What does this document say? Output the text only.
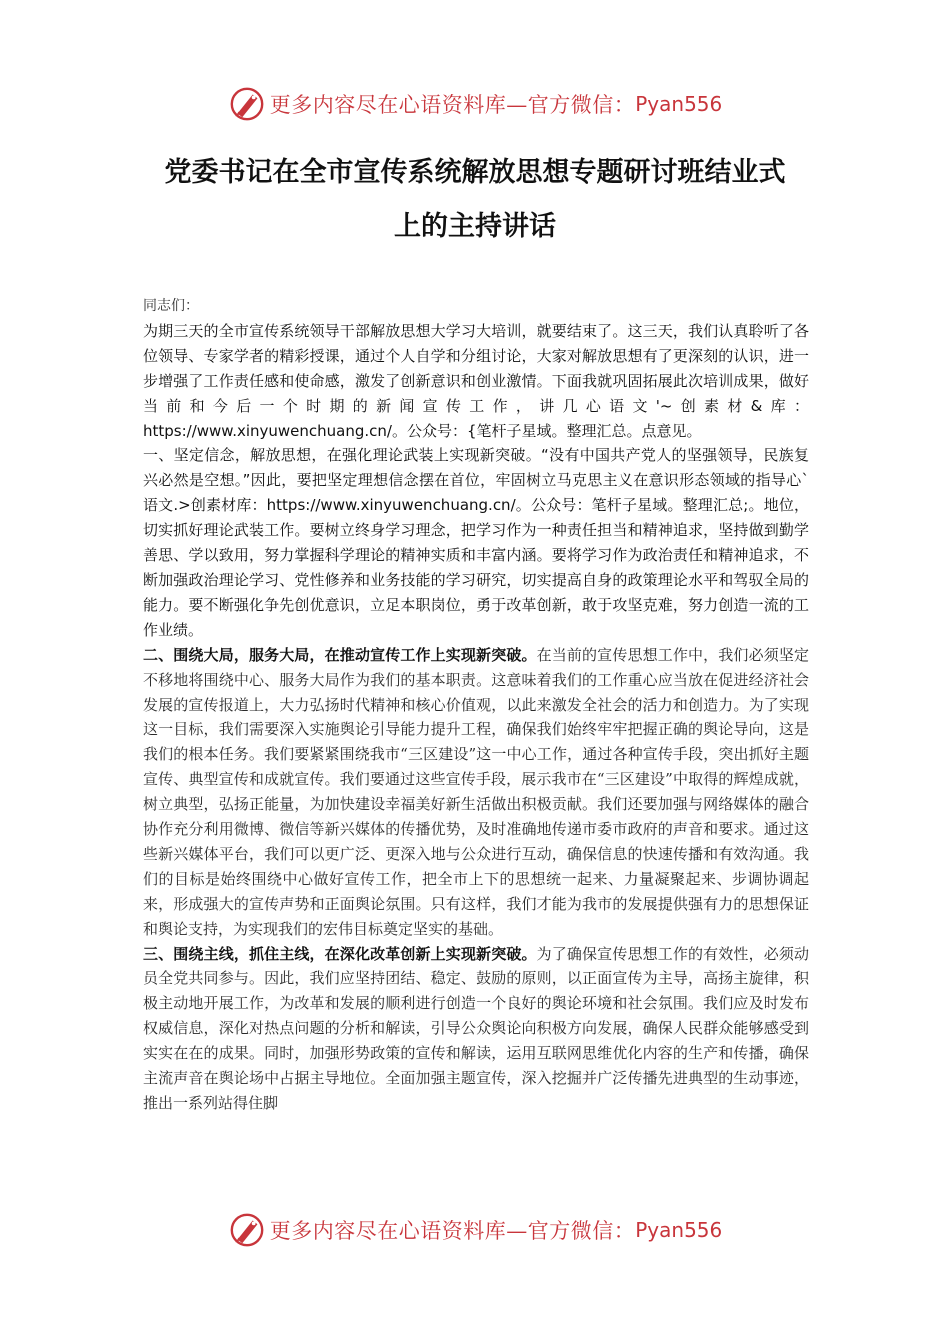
更多内容尽在心语资料库—官方微信： Pyan556
党委书记在全市宣传系统解放思想专题研讨班结业式
上的主持讲话

同志们：

为期三天的全市宣传系统领导干部解放思想大学习大培训，就要结束了。这三天，我们认真聆听了各位领导、专家学者的精彩授课，通过个人自学和分组讨论，大家对解放思想有了更深刻的认识，进一步增强了工作责任感和使命感，激发了创新意识和创业激情。下面我就巩固拓展此次培训成果，做好当前和今后一个时期的新闻宣传工作，讲几心语文'~创素材&库：https://www.xinyuwenchuang.cn/。公众号：{笔杆子星域。整理汇总。点意见。

一、坚定信念，解放思想，在强化理论武装上实现新突破。“没有中国共产党人的坚强领导，民族复兴必然是空想。”因此，要把坚定理想信念摆在首位，牢固树立马克思主义在意识形态领域的指导心`语文.>创素材库：https://www.xinyuwenchuang.cn/。公众号：笔杆子星域。整理汇总;。地位，切实抓好理论武装工作。要树立终身学习理念，把学习作为一种责任担当和精神追求，坚持做到勤学善思、学以致用，努力掌握科学理论的精神实质和丰富内涵。要将学习作为政治责任和精神追求，不断加强政治理论学习、党性修养和业务技能的学习研究，切实提高自身的政策理论水平和驾驭全局的能力。要不断强化争先创优意识，立足本职岗位，勇于改革创新，敢于攻坚克难，努力创造一流的工作业绩。

二、围绕大局，服务大局，在推动宣传工作上实现新突破。在当前的宣传思想工作中，我们必须坚定不移地将围绕中心、服务大局作为我们的基本职责。这意味着我们的工作重心应当放在促进经济社会发展的宣传报道上，大力弘扬时代精神和核心价值观，以此来激发全社会的活力和创造力。为了实现这一目标，我们需要深入实施舆论引导能力提升工程，确保我们始终牢牢把握正确的舆论导向，这是我们的根本任务。我们要紧紧围绕我市“三区建设”这一中心工作，通过各种宣传手段，突出抓好主题宣传、典型宣传和成就宣传。我们要通过这些宣传手段，展示我市在“三区建设”中取得的辉煌成就，树立典型，弘扬正能量，为加快建设幸福美好新生活做出积极贡献。我们还要加强与网络媒体的融合协作充分利用微博、微信等新兴媒体的传播优势，及时准确地传递市委市政府的声音和要求。通过这些新兴媒体平台，我们可以更广泛、更深入地与公众进行互动，确保信息的快速传播和有效沟通。我们的目标是始终围绕中心做好宣传工作，把全市上下的思想统一起来、力量凝聚起来、步调协调起来，形成强大的宣传声势和正面舆论氛围。只有这样，我们才能为我市的发展提供强有力的思想保证和舆论支持，为实现我们的宏伟目标奠定坚实的基础。

三、围绕主线，抓住主线，在深化改革创新上实现新突破。为了确保宣传思想工作的有效性，必须动员全党共同参与。因此，我们应坚持团结、稳定、鼓励的原则，以正面宣传为主导，高扬主旋律，积极主动地开展工作，为改革和发展的顺利进行创造一个良好的舆论环境和社会氛围。我们应及时发布权威信息，深化对热点问题的分析和解读，引导公众舆论向积极方向发展，确保人民群众能够感受到实实在在的成果。同时，加强形势政策的宣传和解读，运用互联网思维优化内容的生产和传播，确保主流声音在舆论场中占据主导地位。全面加强主题宣传，深入挖掘并广泛传播先进典型的生动事迹，推出一系列站得住脚

更多内容尽在心语资料库—官方微信： Pyan556
